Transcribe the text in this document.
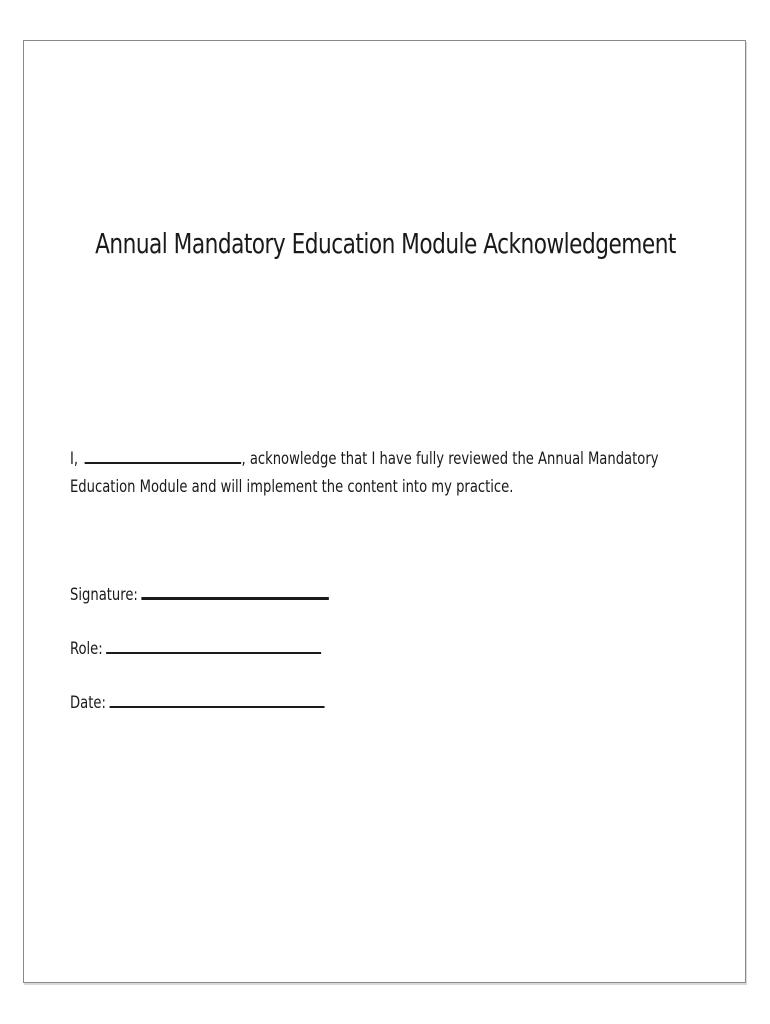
Annual Mandatory Education Module Acknowledgement
I,	, acknowledge that I have fully reviewed the Annual Mandatory
Education Module and will implement the content into my practice.
Signature:
Role:
Date:
